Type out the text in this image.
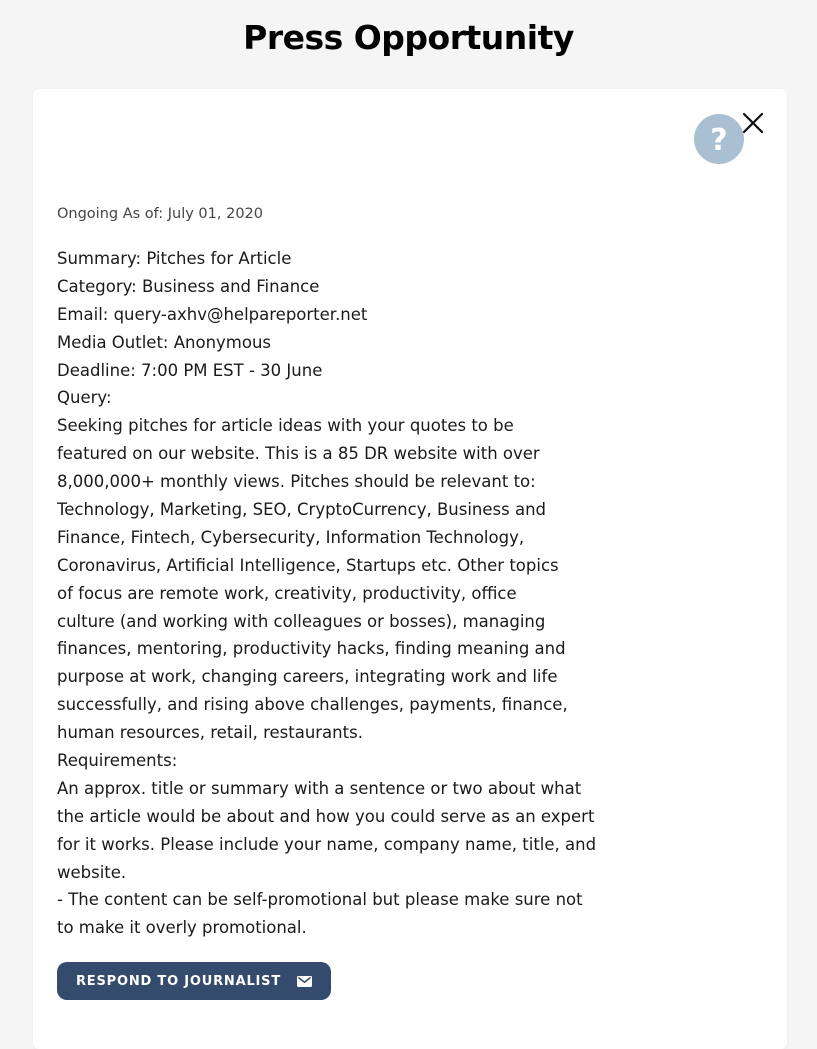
Press Opportunity
?
Ongoing As of: July 01, 2020
Summary: Pitches for Article
Category: Business and Finance
Email: query-axhv@helpareporter.net
Media Outlet: Anonymous
Deadline: 7:00 PM EST - 30 June
Query:
Seeking pitches for article ideas with your quotes to be
featured on our website. This is a 85 DR website with over
8,000,000+ monthly views. Pitches should be relevant to:
Technology, Marketing, SEO, CryptoCurrency, Business and
Finance, Fintech, Cybersecurity, Information Technology,
Coronavirus, Artificial Intelligence, Startups etc. Other topics
of focus are remote work, creativity, productivity, office
culture (and working with colleagues or bosses), managing
finances, mentoring, productivity hacks, finding meaning and
purpose at work, changing careers, integrating work and life
successfully, and rising above challenges, payments, finance,
human resources, retail, restaurants.
Requirements:
An approx. title or summary with a sentence or two about what
the article would be about and how you could serve as an expert
for it works. Please include your name, company name, title, and
website.
- The content can be self-promotional but please make sure not
to make it overly promotional.
RESPOND TO JOURNALIST
